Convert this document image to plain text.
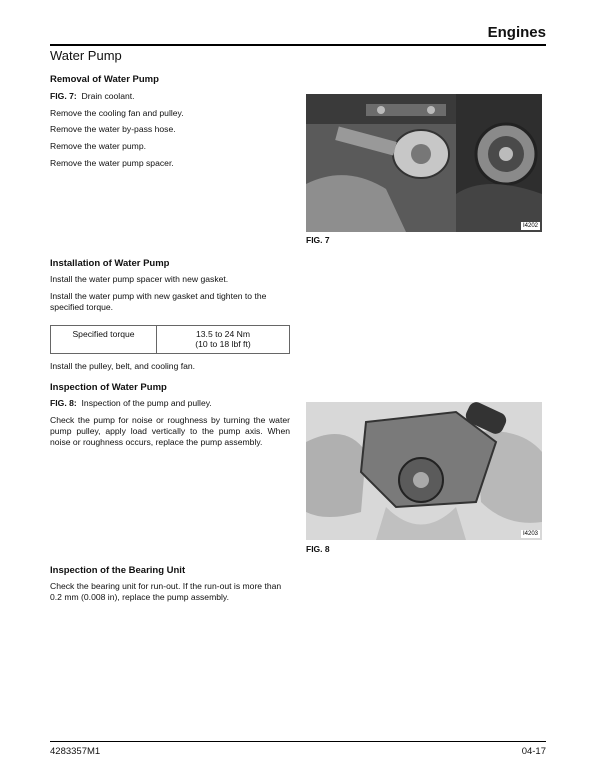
Engines
Water Pump
Removal of Water Pump
FIG. 7: Drain coolant.
Remove the cooling fan and pulley.
Remove the water by-pass hose.
Remove the water pump.
Remove the water pump spacer.
Installation of Water Pump
Install the water pump spacer with new gasket.
Install the water pump with new gasket and tighten to the specified torque.
Specified torque	13.5 to 24 Nm
(10 to 18 lbf ft)
Install the pulley, belt, and cooling fan.
Inspection of Water Pump
FIG. 8: Inspection of the pump and pulley.
Check the pump for noise or roughness by turning the water pump pulley, apply load vertically to the pump axis. When noise or roughness occurs, replace the pump assembly.
Inspection of the Bearing Unit
Check the bearing unit for run-out. If the run-out is more than 0.2 mm (0.008 in), replace the pump assembly.
I4202
FIG. 7
I4203
FIG. 8
4283357M1	04-17
